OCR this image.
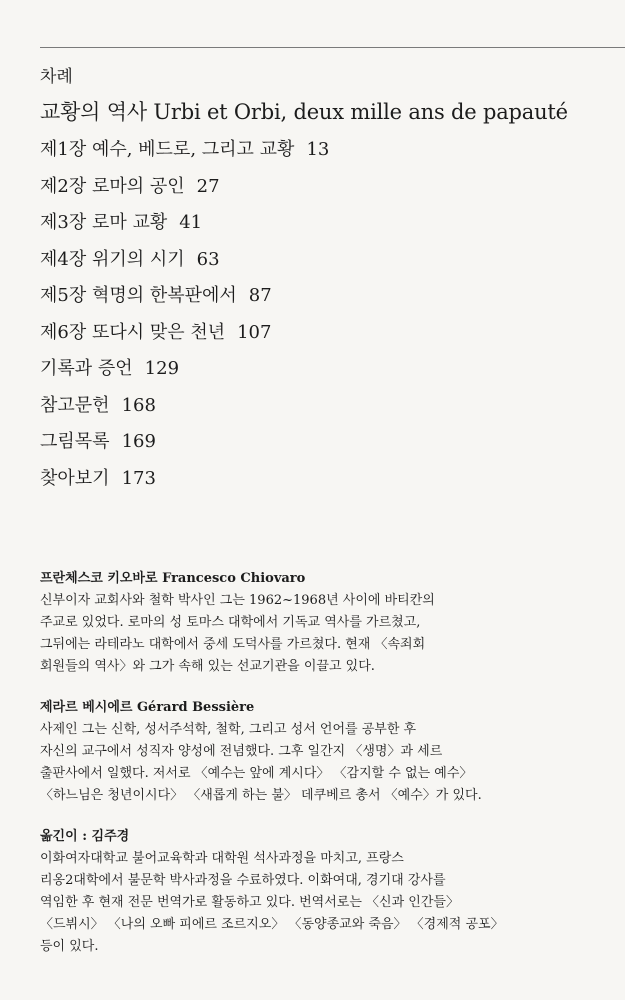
차례
교황의 역사 Urbi et Orbi, deux mille ans de papauté
제1장 예수, 베드로, 그리고 교황 13
제2장 로마의 공인 27
제3장 로마 교황 41
제4장 위기의 시기 63
제5장 혁명의 한복판에서 87
제6장 또다시 맞은 천년 107
기록과 증언 129
참고문헌 168
그림목록 169
찾아보기 173
프란체스코 키오바로 Francesco Chiovaro
신부이자 교회사와 철학 박사인 그는 1962~1968년 사이에 바티칸의
주교로 있었다. 로마의 성 토마스 대학에서 기독교 역사를 가르쳤고,
그뒤에는 라테라노 대학에서 중세 도덕사를 가르쳤다. 현재 〈속죄회
회원들의 역사〉와 그가 속해 있는 선교기관을 이끌고 있다.
제라르 베시에르 Gérard Bessière
사제인 그는 신학, 성서주석학, 철학, 그리고 성서 언어를 공부한 후
자신의 교구에서 성직자 양성에 전념했다. 그후 일간지 〈생명〉과 세르
출판사에서 일했다. 저서로 〈예수는 앞에 계시다〉 〈감지할 수 없는 예수〉
〈하느님은 청년이시다〉 〈새롭게 하는 불〉 데쿠베르 총서 〈예수〉가 있다.
옮긴이 : 김주경
이화여자대학교 불어교육학과 대학원 석사과정을 마치고, 프랑스
리옹2대학에서 불문학 박사과정을 수료하였다. 이화여대, 경기대 강사를
역임한 후 현재 전문 번역가로 활동하고 있다. 번역서로는 〈신과 인간들〉
〈드뷔시〉 〈나의 오빠 피에르 조르지오〉 〈동양종교와 죽음〉 〈경제적 공포〉
등이 있다.
